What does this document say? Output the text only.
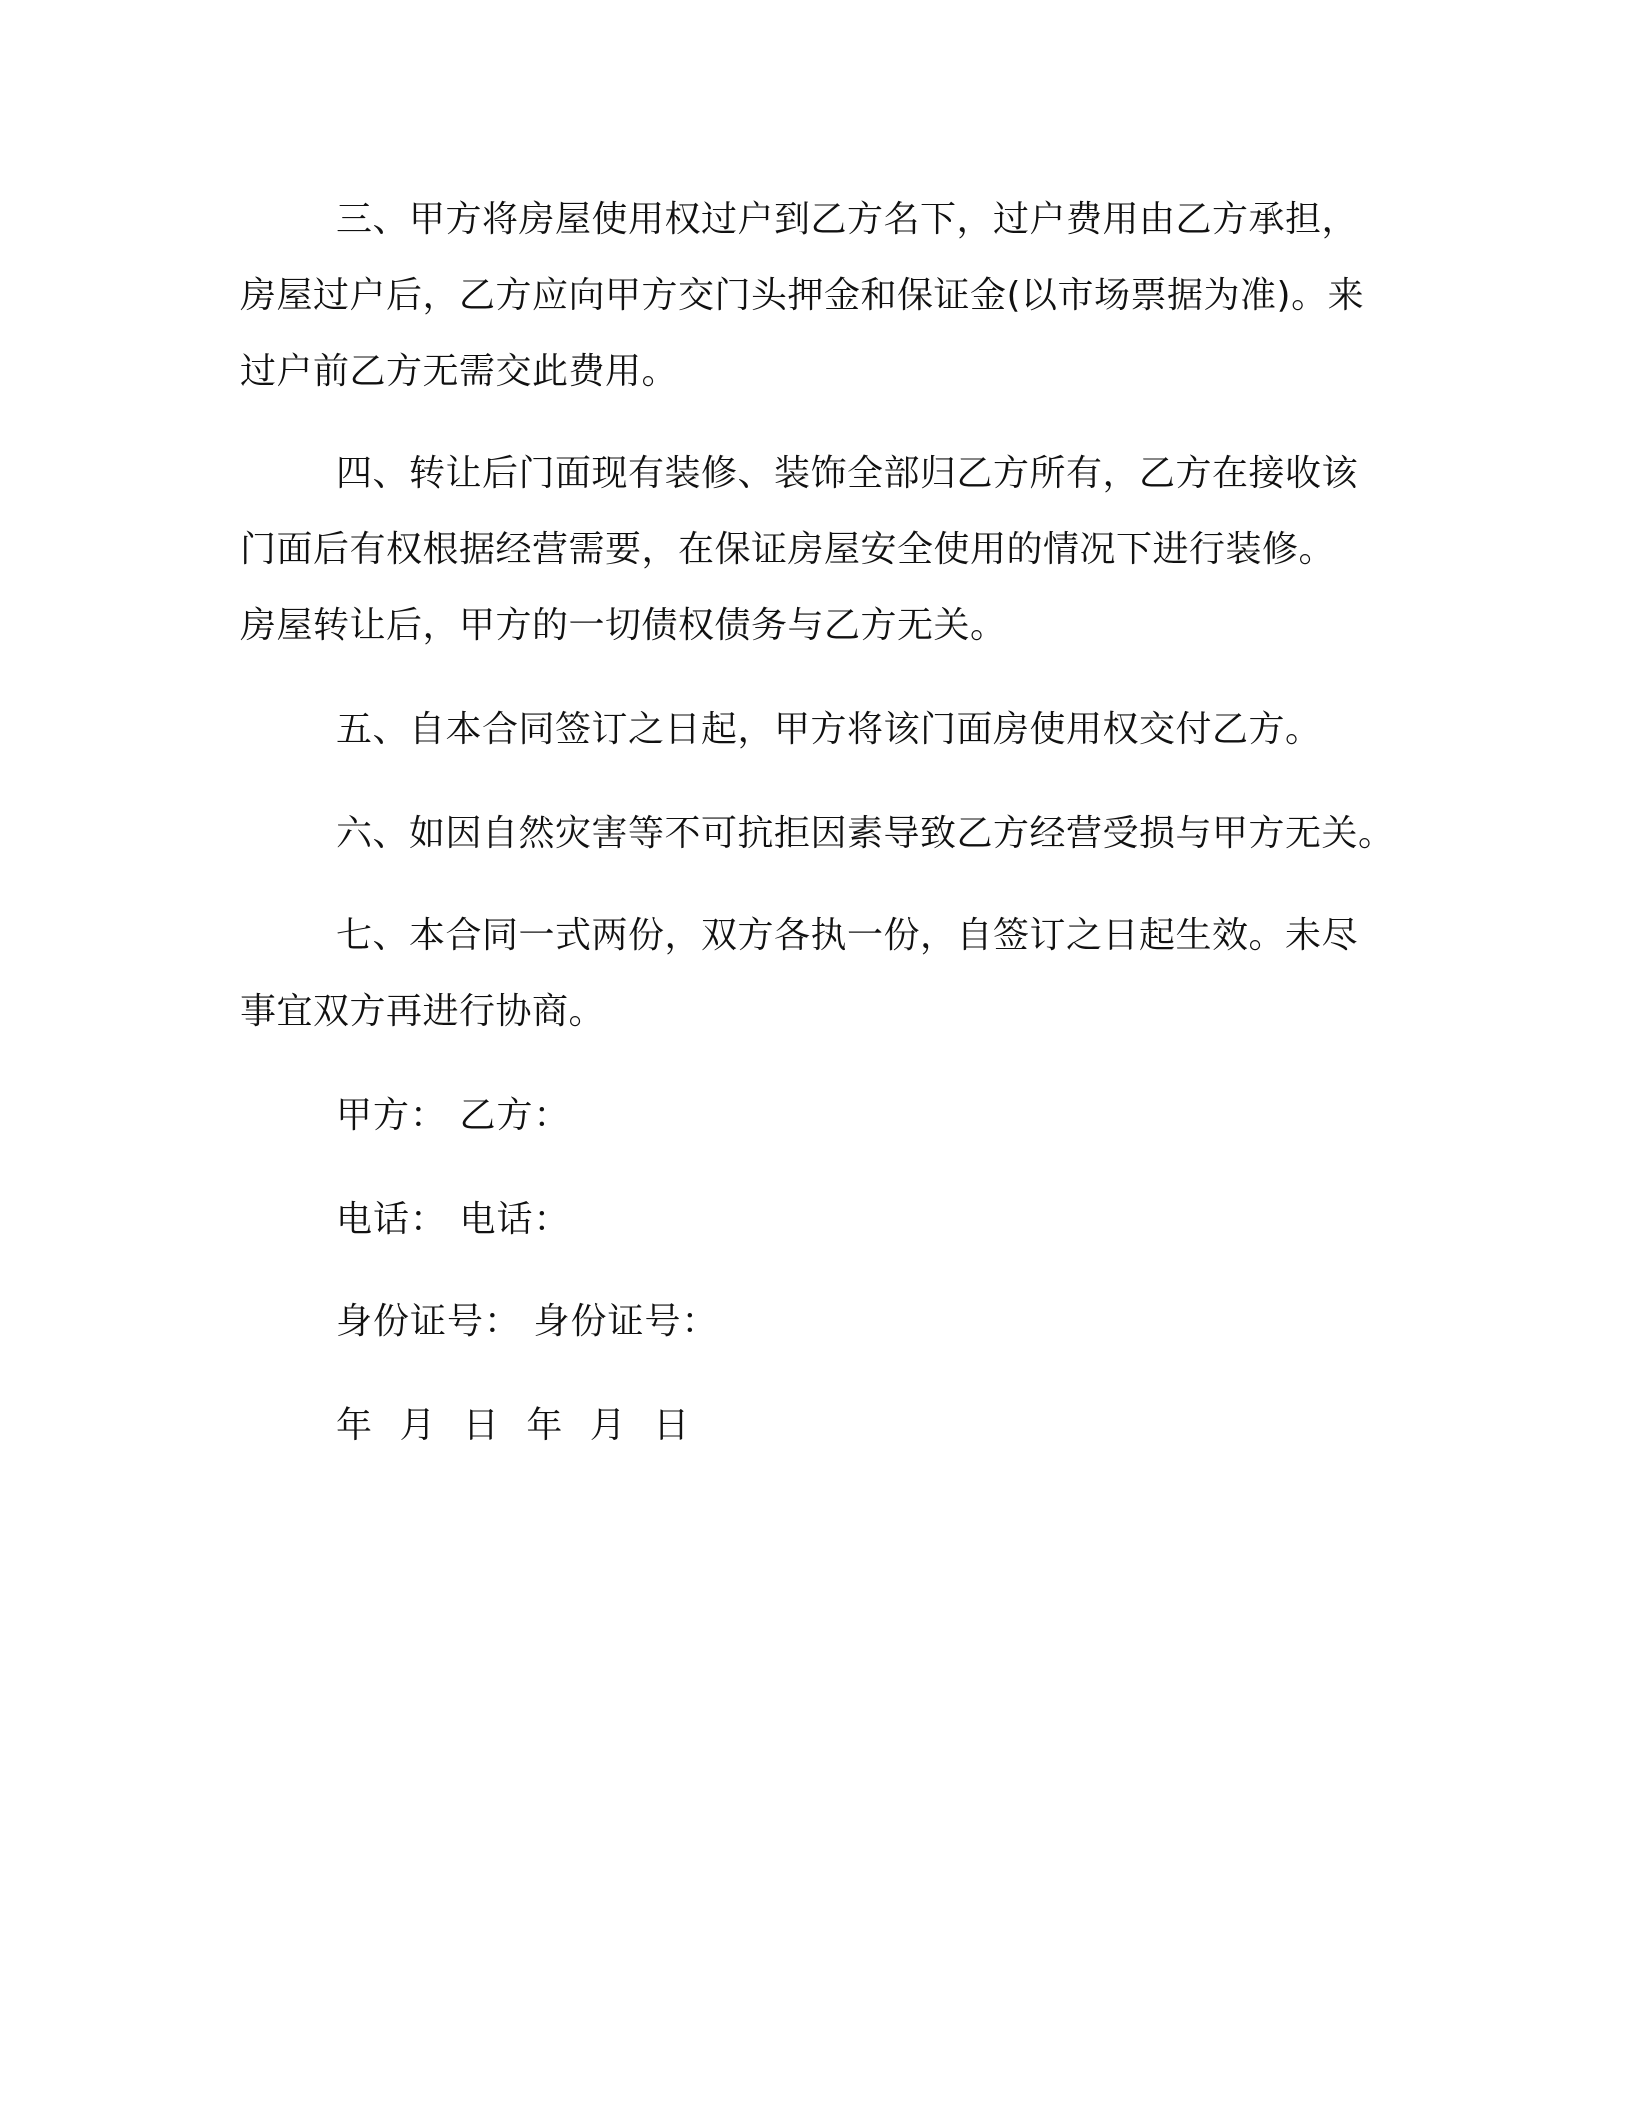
三、甲方将房屋使用权过户到乙方名下，过户费用由乙方承担，

房屋过户后，乙方应向甲方交门头押金和保证金(以市场票据为准)。来

过户前乙方无需交此费用。

四、转让后门面现有装修、装饰全部归乙方所有，乙方在接收该

门面后有权根据经营需要，在保证房屋安全使用的情况下进行装修。

房屋转让后，甲方的一切债权债务与乙方无关。

五、自本合同签订之日起，甲方将该门面房使用权交付乙方。

六、如因自然灾害等不可抗拒因素导致乙方经营受损与甲方无关。

七、本合同一式两份，双方各执一份，自签订之日起生效。未尽

事宜双方再进行协商。

甲方： 乙方：

电话： 电话：

身份证号： 身份证号：

年 月 日 年 月 日
